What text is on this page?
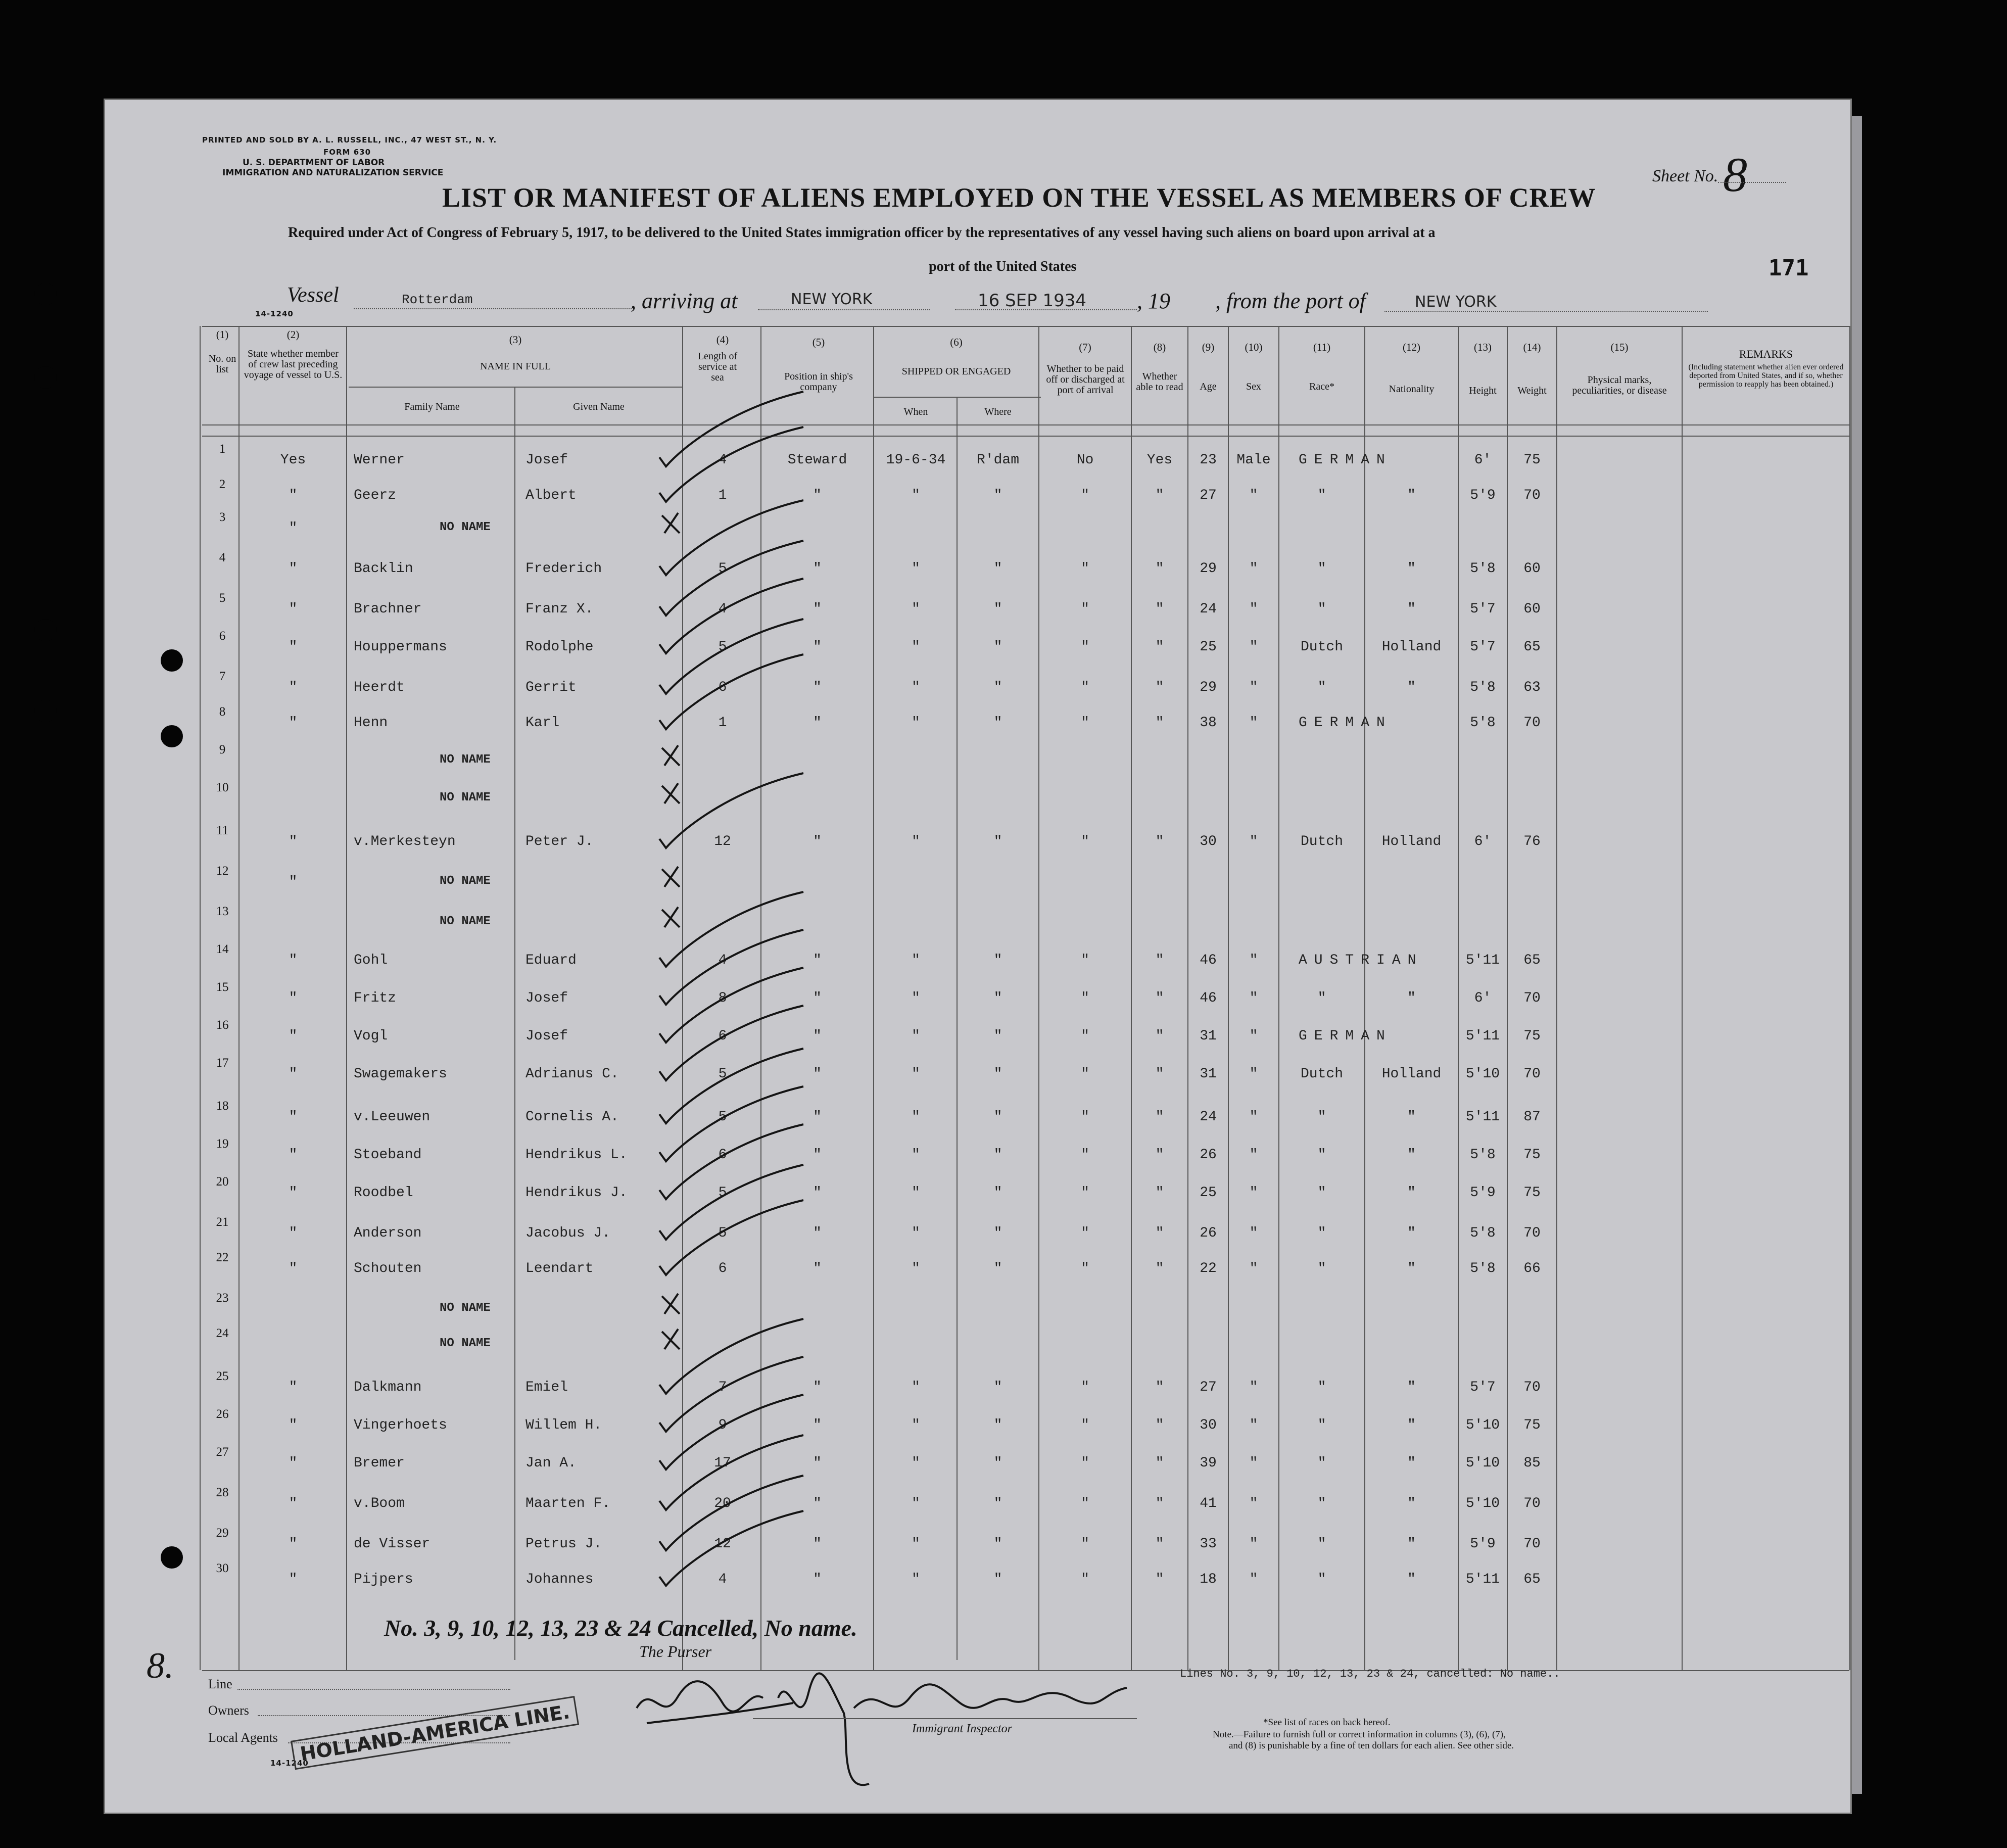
PRINTED AND SOLD BY A. L. RUSSELL, INC., 47 WEST ST., N. Y.
FORM 630
U. S. DEPARTMENT OF LABOR
IMMIGRATION AND NATURALIZATION SERVICE
14-1240
Sheet No. 8
171
LIST OR MANIFEST OF ALIENS EMPLOYED ON THE VESSEL AS MEMBERS OF CREW
Required under Act of Congress of February 5, 1917, to be delivered to the United States immigration officer by the representatives of any vessel having such aliens on board upon arrival at a
port of the United States
Vessel	Rotterdam	, arriving at	NEW YORK	16 SEP 1934 , 19 , from the port of	NEW YORK
(1)
No. on list
(2)
State whether member of crew last preceding voyage of vessel to U.S.
(3)
NAME IN FULL
Family Name	Given Name
(4)
Length of service at sea
(5)
Position in ship's company
(6)
SHIPPED OR ENGAGED
When	Where
(7)
Whether to be paid off or discharged at port of arrival
(8)
Whether able to read
(9)
Age
(10)
Sex
(11)
Race*
(12)
Nationality
(13)
Height
(14)
Weight
(15)
Physical marks, peculiarities, or disease
REMARKS
(Including statement whether alien ever ordered deported from United States, and if so, whether permission to reapply has been obtained.)
1
Yes	Werner	Josef	4	Steward	19-6-34	R'dam	No	Yes	23	Male	GERMAN	6'	75
2
"	Geerz	Albert	1	"	"	"	"	"	27	"	"	"	5'9	70
3
"	NO NAME
4
"	Backlin	Frederich	5	"	"	"	"	"	29	"	"	"	5'8	60
5
"	Brachner	Franz X.	4	"	"	"	"	"	24	"	"	"	5'7	60
6
"	Houppermans	Rodolphe	5	"	"	"	"	"	25	"	Dutch	Holland	5'7	65
7
"	Heerdt	Gerrit	6	"	"	"	"	"	29	"	"	"	5'8	63
8
"	Henn	Karl	1	"	"	"	"	"	38	"	GERMAN	5'8	70
9
NO NAME
10
NO NAME
11
"	v.Merkesteyn	Peter J.	12	"	"	"	"	"	30	"	Dutch	Holland	6'	76
12
"	NO NAME
13
NO NAME
14
"	Gohl	Eduard	4	"	"	"	"	"	46	"	AUSTRIAN	5'11	65
15
"	Fritz	Josef	8	"	"	"	"	"	46	"	"	"	6'	70
16
"	Vogl	Josef	6	"	"	"	"	"	31	"	GERMAN	5'11	75
17
"	Swagemakers	Adrianus C.	5	"	"	"	"	"	31	"	Dutch	Holland	5'10	70
18
"	v.Leeuwen	Cornelis A.	5	"	"	"	"	"	24	"	"	"	5'11	87
19
"	Stoeband	Hendrikus L.	6	"	"	"	"	"	26	"	"	"	5'8	75
20
"	Roodbel	Hendrikus J.	5	"	"	"	"	"	25	"	"	"	5'9	75
21
"	Anderson	Jacobus J.	5	"	"	"	"	"	26	"	"	"	5'8	70
22
"	Schouten	Leendart	6	"	"	"	"	"	22	"	"	"	5'8	66
23
NO NAME
24
NO NAME
25
"	Dalkmann	Emiel	7	"	"	"	"	"	27	"	"	"	5'7	70
26
"	Vingerhoets	Willem H.	9	"	"	"	"	"	30	"	"	"	5'10	75
27
"	Bremer	Jan A.	17	"	"	"	"	"	39	"	"	"	5'10	85
28
"	v.Boom	Maarten F.	20	"	"	"	"	"	41	"	"	"	5'10	70
29
"	de Visser	Petrus J.	12	"	"	"	"	"	33	"	"	"	5'9	70
30
"	Pijpers	Johannes	4	"	"	"	"	"	18	"	"	"	5'11	65
No. 3, 9, 10, 12, 13, 23 & 24 Cancelled, No name.
8.	Line
Owners
Local Agents
14-1240
HOLLAND-AMERICA LINE.
The Purser
Immigrant Inspector
Lines No. 3, 9, 10, 12, 13, 23 & 24, cancelled: No name..
*See list of races on back hereof.
Note.—Failure to furnish full or correct information in columns (3), (6), (7),
and (8) is punishable by a fine of ten dollars for each alien. See other side.
